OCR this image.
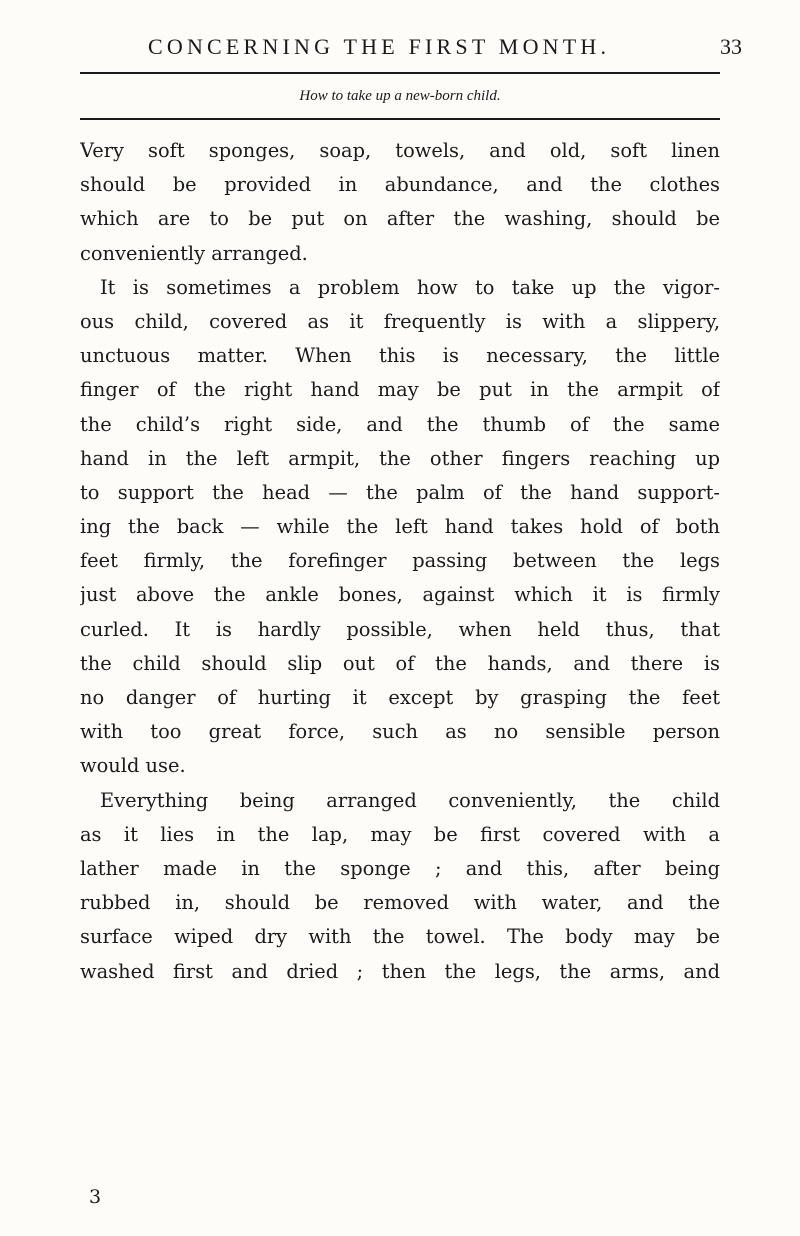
CONCERNING THE FIRST MONTH.	33
How to take up a new-born child.
Very soft sponges, soap, towels, and old, soft linen
should be provided in abundance, and the clothes
which are to be put on after the washing, should be
conveniently arranged.
It is sometimes a problem how to take up the vigor-
ous child, covered as it frequently is with a slippery,
unctuous matter. When this is necessary, the little
finger of the right hand may be put in the armpit of
the child’s right side, and the thumb of the same
hand in the left armpit, the other fingers reaching up
to support the head — the palm of the hand support-
ing the back — while the left hand takes hold of both
feet firmly, the forefinger passing between the legs
just above the ankle bones, against which it is firmly
curled. It is hardly possible, when held thus, that
the child should slip out of the hands, and there is
no danger of hurting it except by grasping the feet
with too great force, such as no sensible person
would use.
Everything being arranged conveniently, the child
as it lies in the lap, may be first covered with a
lather made in the sponge ; and this, after being
rubbed in, should be removed with water, and the
surface wiped dry with the towel. The body may be
washed first and dried ; then the legs, the arms, and
3
